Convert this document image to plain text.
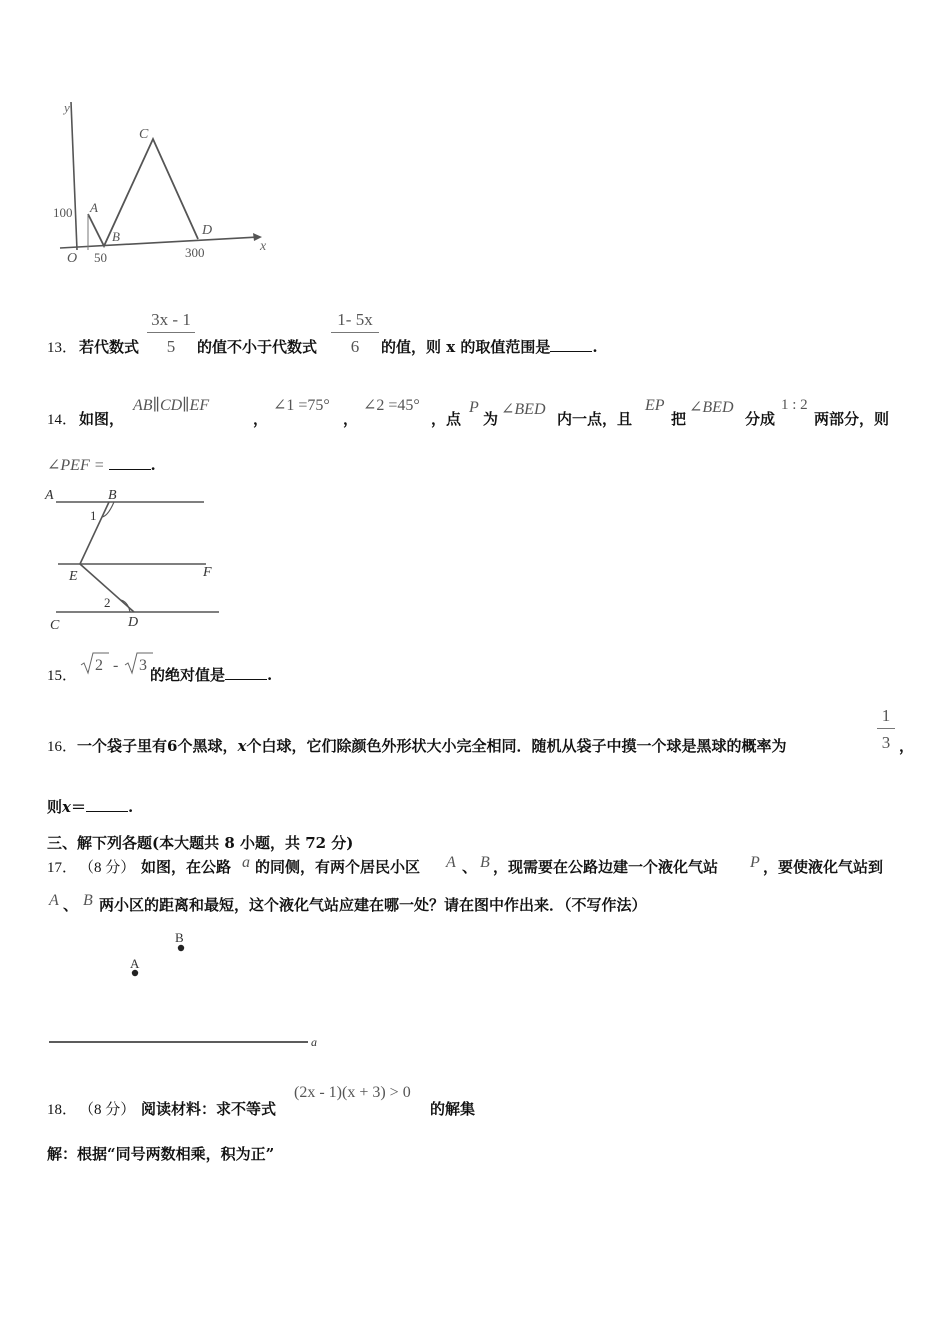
y
x
O
100
50	300
A
B
C
D
13． 若代数式 $\frac{3x - 1}{5}$ 的值不小于代数式 $\frac{1- 5x}{6}$ 的值，则 x 的取值范围是	.
14． 如图，
AB∥CD∥EF
，
∠1 =75°
，
∠2 =45°
，点
P
为
∠BED
内一点，且
EP
把
∠BED
分成
1 : 2
两部分，则
∠PEF =	.
A	B
E	F
C	D
1
2
15．
2 - 3
的绝对值是	.
16．一个袋子里有6个黑球，x个白球，它们除颜色外形状大小完全相同．随机从袋子中摸一个球是黑球的概率为	$\frac{1}{3}$ ，
则x＝	.
三、解下列各题(本大题共 8 小题，共 72 分)
17． （8 分） 如图，在公路 a 的同侧，有两个居民小区 A 、 B ，现需要在公路边建一个液化气站 P ，要使液化气站到
A 、 B 两小区的距离和最短，这个液化气站应建在哪一处？请在图中作出来．（不写作法）
A
B
a
18． （8 分） 阅读材料：求不等式
(2x - 1)(x + 3) > 0
的解集
解：根据“同号两数相乘，积为正”
